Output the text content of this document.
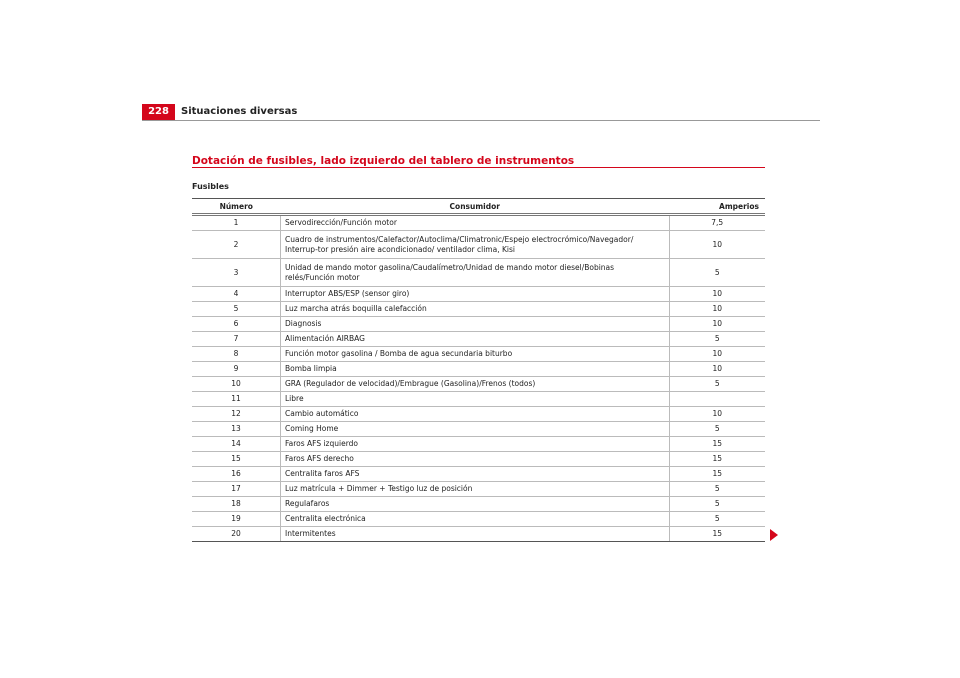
228	Situaciones diversas
Dotación de fusibles, lado izquierdo del tablero de instrumentos
Fusibles
Número	Consumidor	Amperios
1	Servodirección/Función motor	7,5
2	Cuadro de instrumentos/Calefactor/Autoclima/Climatronic/Espejo electrocrómico/Navegador/ Interrup-tor presión aire acondicionado/ ventilador clima, Kisi	10
3	Unidad de mando motor gasolina/Caudalímetro/Unidad de mando motor diesel/Bobinas relés/Función motor	5
4	Interruptor ABS/ESP (sensor giro)	10
5	Luz marcha atrás boquilla calefacción	10
6	Diagnosis	10
7	Alimentación AIRBAG	5
8	Función motor gasolina / Bomba de agua secundaria biturbo	10
9	Bomba limpia	10
10	GRA (Regulador de velocidad)/Embrague (Gasolina)/Frenos (todos)	5
11	Libre	
12	Cambio automático	10
13	Coming Home	5
14	Faros AFS izquierdo	15
15	Faros AFS derecho	15
16	Centralita faros AFS	15
17	Luz matrícula + Dimmer + Testigo luz de posición	5
18	Regulafaros	5
19	Centralita electrónica	5
20	Intermitentes	15
